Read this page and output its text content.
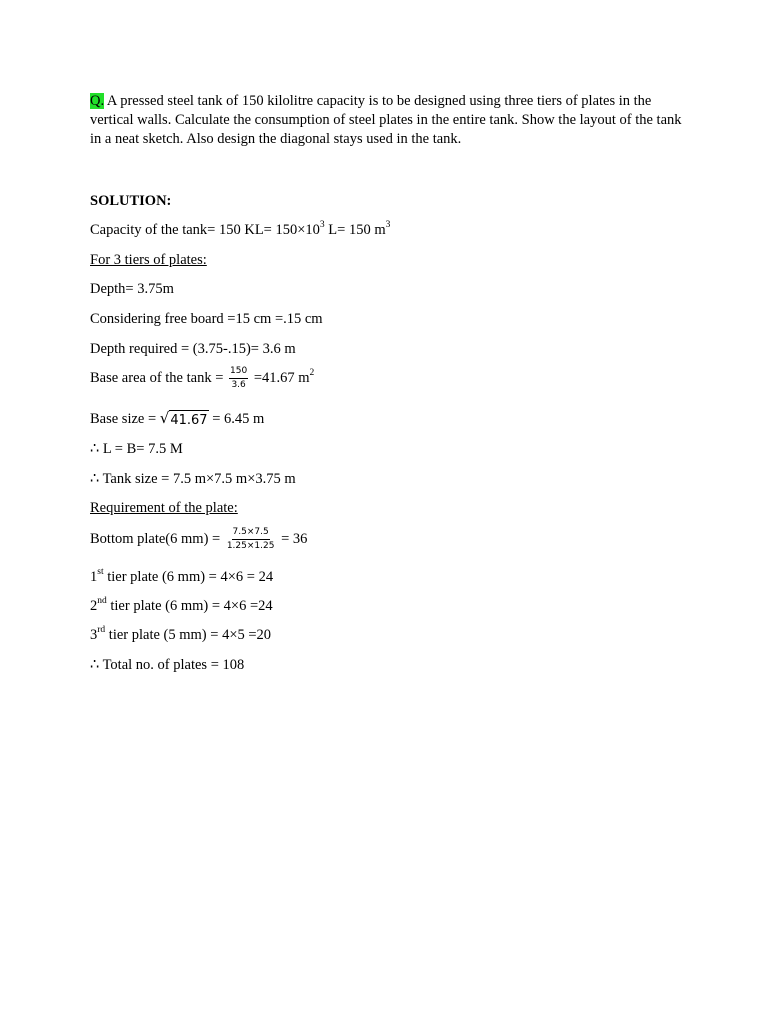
Q. A pressed steel tank of 150 kilolitre capacity is to be designed using three tiers of plates in the vertical walls. Calculate the consumption of steel plates in the entire tank. Show the layout of the tank in a neat sketch. Also design the diagonal stays used in the tank.

SOLUTION:
Capacity of the tank= 150 $KL= 150\times 10^3$ L= 150 $m^3$
For 3 tiers of plates:
Depth= 3.75m
Considering free board =15 cm =.15 cm
Depth required = (3.75-.15)= 3.6 m
Base area of the $\tan k = \frac{150}{3.6} =41.67$ $m^2$
Base size = √ 41.67 = 6.45 m
∴ L = B= 7.5 M
∴ Tank size = 7.5 m×7.5 m×3.75 m
Requirement of the plate:
Bottom plate(6 $mm) = \frac{7.5\times 7.5}{1.25\times 1.25} = 36$
1st tier plate (6 mm) = 4×6 = 24
2nd tier plate (6 mm) = 4×6 =24
3rd tier plate (5 mm) = 4×5 =20
∴ Total no. of plates = 108
